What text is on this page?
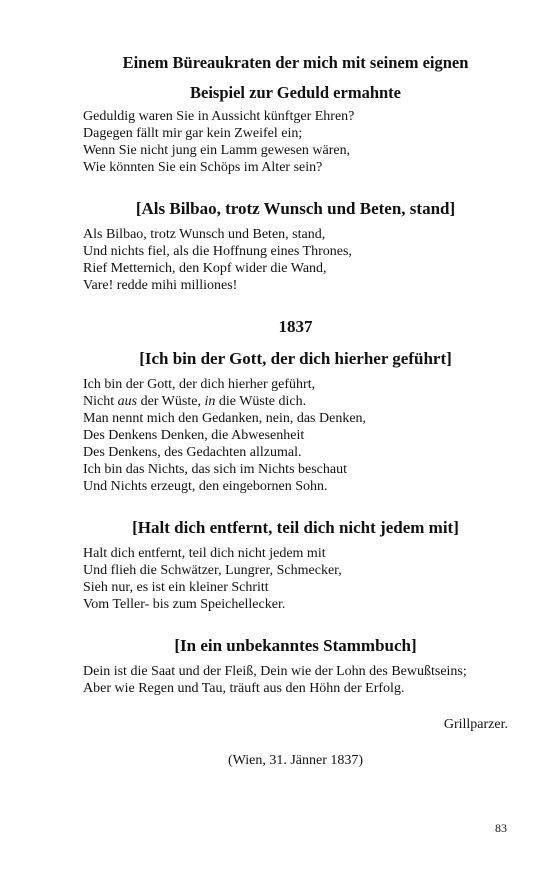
Einem Büreaukraten der mich mit seinem eignen
Beispiel zur Geduld ermahnte
Geduldig waren Sie in Aussicht künftger Ehren?
Dagegen fällt mir gar kein Zweifel ein;
Wenn Sie nicht jung ein Lamm gewesen wären,
Wie könnten Sie ein Schöps im Alter sein?
[Als Bilbao, trotz Wunsch und Beten, stand]
Als Bilbao, trotz Wunsch und Beten, stand,
Und nichts fiel, als die Hoffnung eines Thrones,
Rief Metternich, den Kopf wider die Wand,
Vare! redde mihi milliones!
1837
[Ich bin der Gott, der dich hierher geführt]
Ich bin der Gott, der dich hierher geführt,
Nicht aus der Wüste, in die Wüste dich.
Man nennt mich den Gedanken, nein, das Denken,
Des Denkens Denken, die Abwesenheit
Des Denkens, des Gedachten allzumal.
Ich bin das Nichts, das sich im Nichts beschaut
Und Nichts erzeugt, den eingebornen Sohn.
[Halt dich entfernt, teil dich nicht jedem mit]
Halt dich entfernt, teil dich nicht jedem mit
Und flieh die Schwätzer, Lungrer, Schmecker,
Sieh nur, es ist ein kleiner Schritt
Vom Teller- bis zum Speichellecker.
[In ein unbekanntes Stammbuch]
Dein ist die Saat und der Fleiß, Dein wie der Lohn des Bewußtseins;
Aber wie Regen und Tau, träuft aus den Höhn der Erfolg.
Grillparzer.
(Wien, 31. Jänner 1837)
83
